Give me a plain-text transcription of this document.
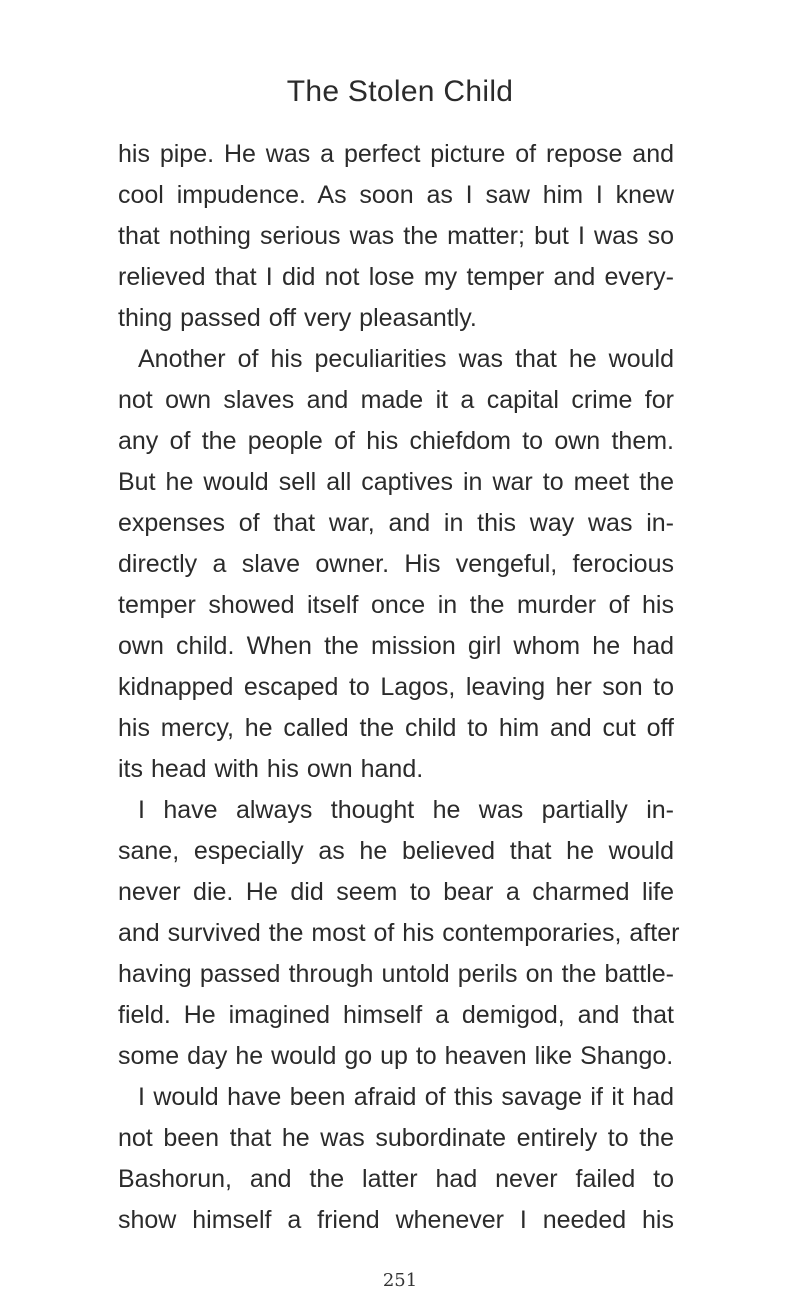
The Stolen Child
his pipe. He was a perfect picture of repose and
cool impudence. As soon as I saw him I knew
that nothing serious was the matter; but I was so
relieved that I did not lose my temper and every-
thing passed off very pleasantly.
Another of his peculiarities was that he would
not own slaves and made it a capital crime for
any of the people of his chiefdom to own them.
But he would sell all captives in war to meet the
expenses of that war, and in this way was in-
directly a slave owner. His vengeful, ferocious
temper showed itself once in the murder of his
own child. When the mission girl whom he had
kidnapped escaped to Lagos, leaving her son to
his mercy, he called the child to him and cut off
its head with his own hand.
I have always thought he was partially in-
sane, especially as he believed that he would
never die. He did seem to bear a charmed life
and survived the most of his contemporaries, after
having passed through untold perils on the battle-
field. He imagined himself a demigod, and that
some day he would go up to heaven like Shango.
I would have been afraid of this savage if it had
not been that he was subordinate entirely to the
Bashorun, and the latter had never failed to
show himself a friend whenever I needed his
251
